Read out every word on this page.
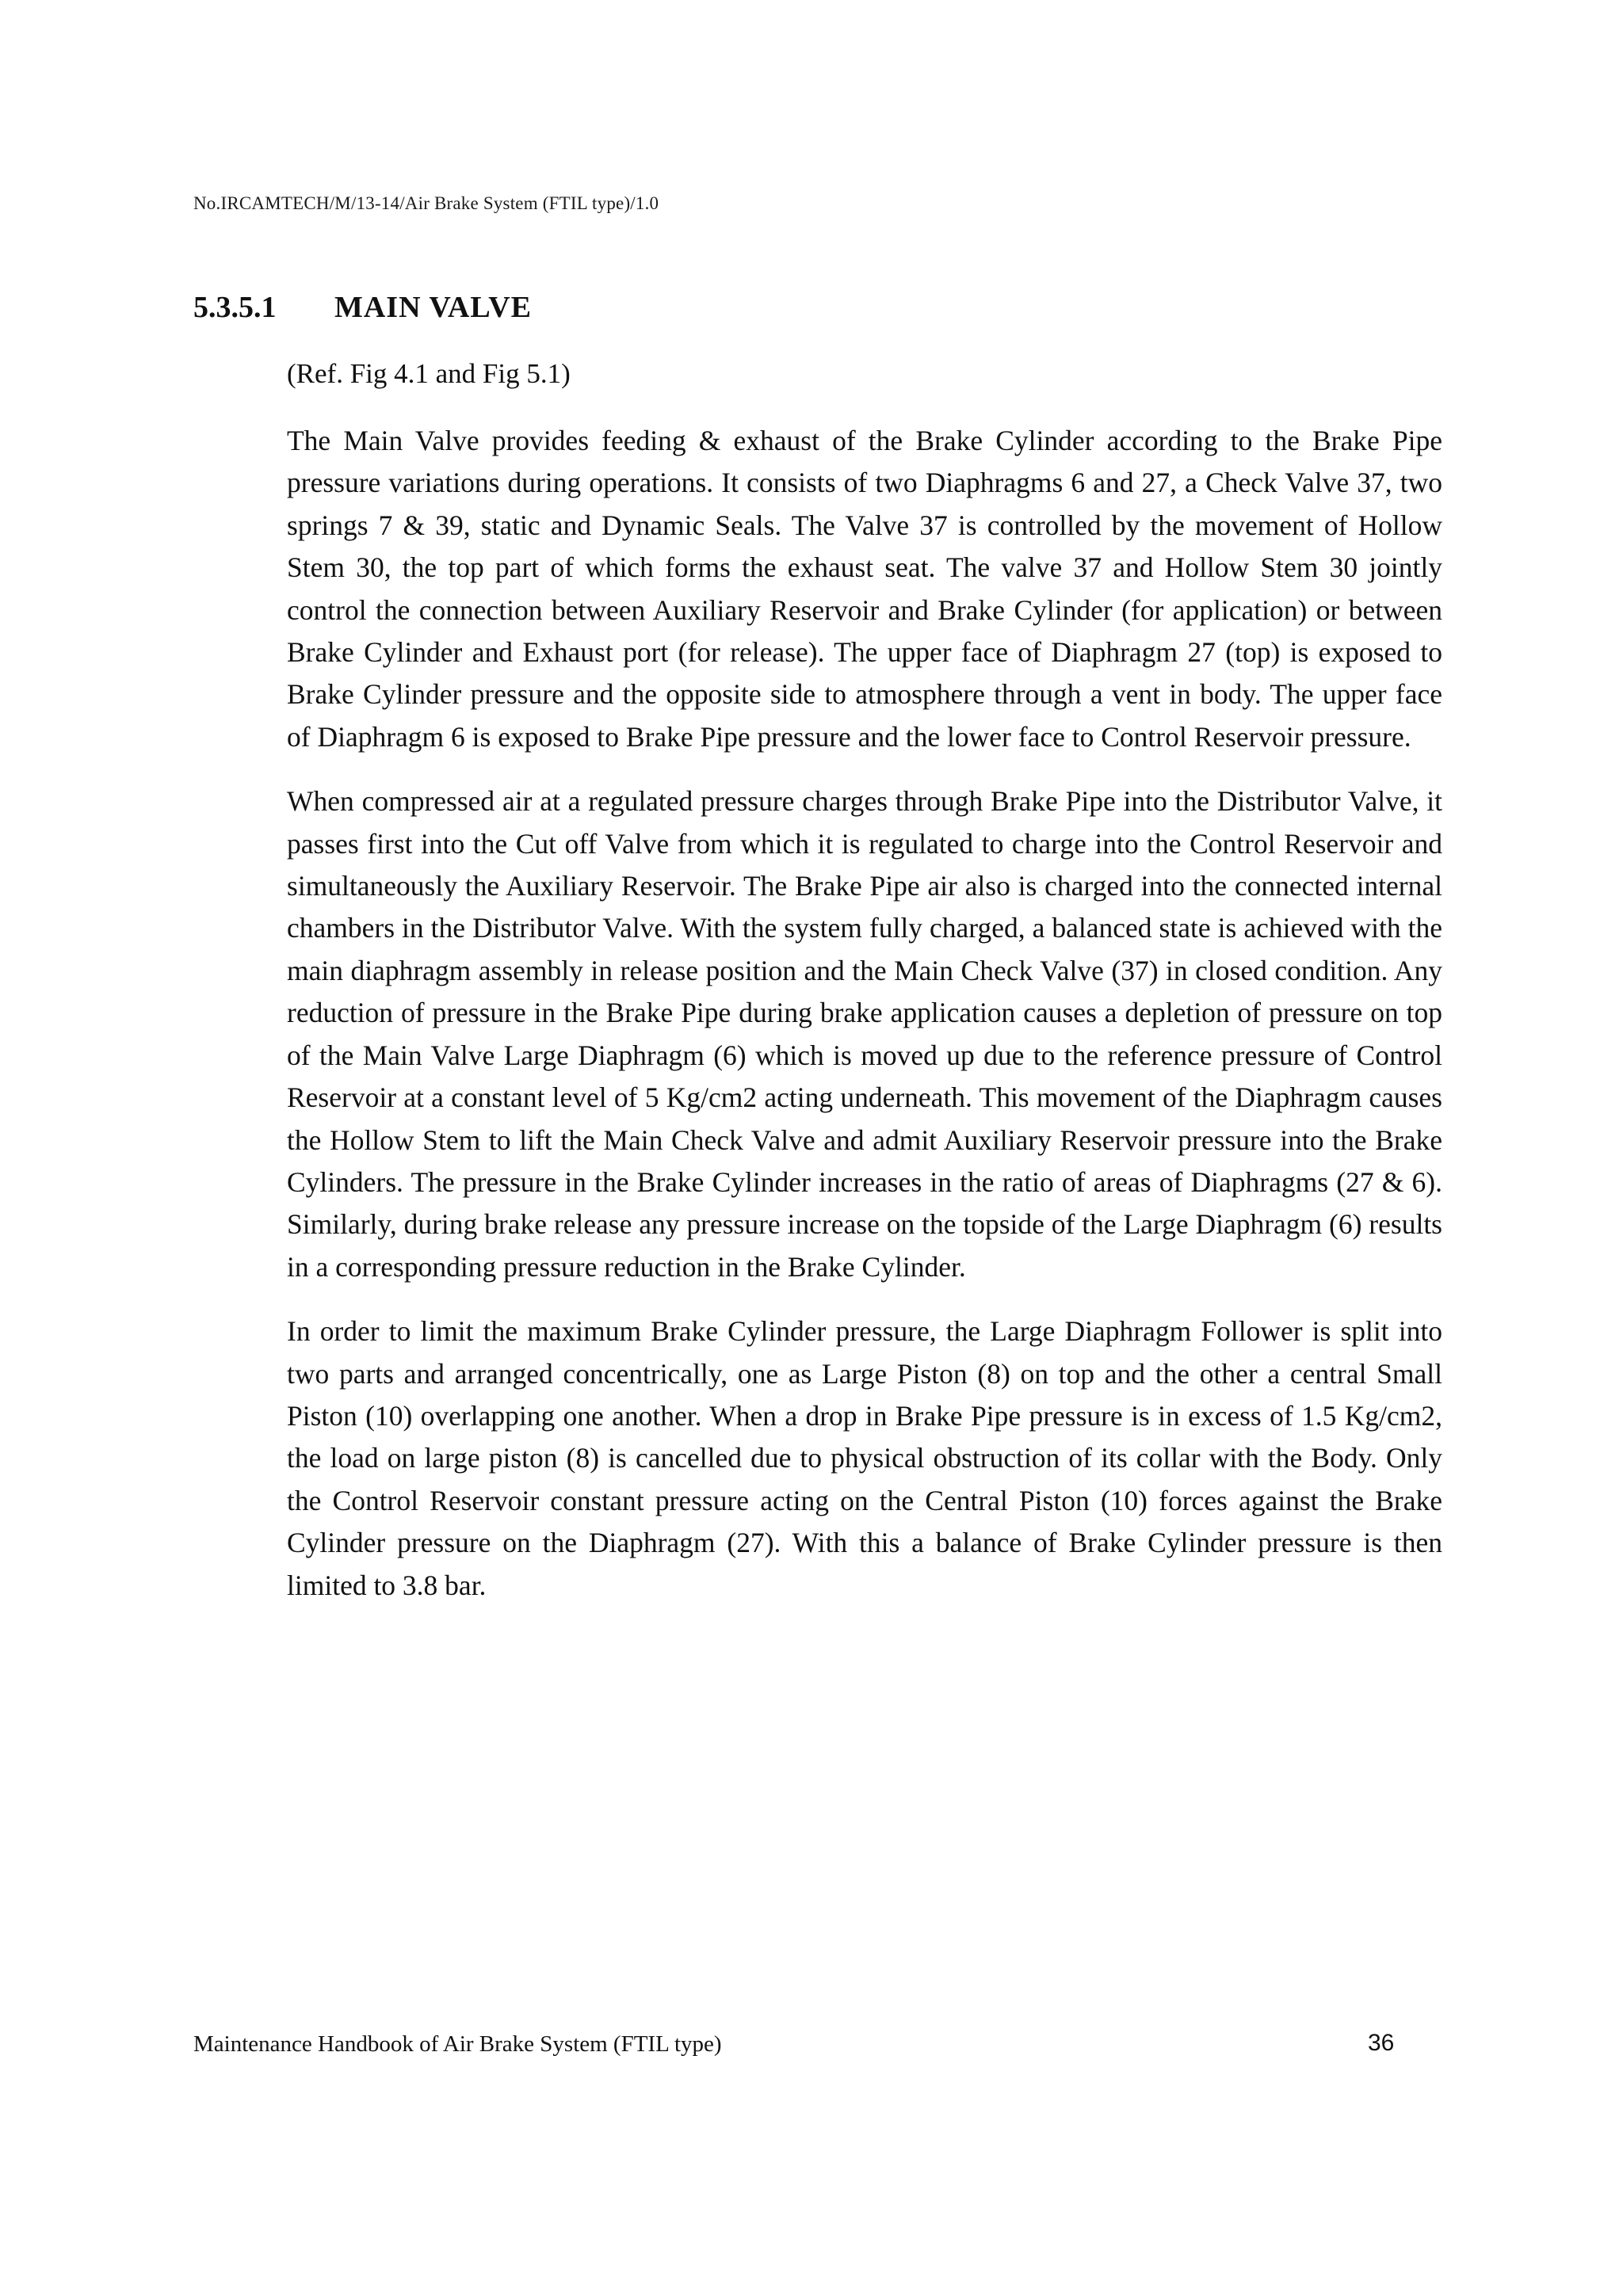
No.IRCAMTECH/M/13-14/Air Brake System (FTIL type)/1.0
5.3.5.1	MAIN VALVE
(Ref. Fig 4.1 and Fig 5.1)

The Main Valve provides feeding & exhaust of the Brake Cylinder according to the Brake Pipe pressure variations during operations. It consists of two Diaphragms 6 and 27, a Check Valve 37, two springs 7 & 39, static and Dynamic Seals. The Valve 37 is controlled by the movement of Hollow Stem 30, the top part of which forms the exhaust seat. The valve 37 and Hollow Stem 30 jointly control the connection between Auxiliary Reservoir and Brake Cylinder (for application) or between Brake Cylinder and Exhaust port (for release). The upper face of Diaphragm 27 (top) is exposed to Brake Cylinder pressure and the opposite side to atmosphere through a vent in body. The upper face of Diaphragm 6 is exposed to Brake Pipe pressure and the lower face to Control Reservoir pressure.

When compressed air at a regulated pressure charges through Brake Pipe into the Distributor Valve, it passes first into the Cut off Valve from which it is regulated to charge into the Control Reservoir and simultaneously the Auxiliary Reservoir. The Brake Pipe air also is charged into the connected internal chambers in the Distributor Valve. With the system fully charged, a balanced state is achieved with the main diaphragm assembly in release position and the Main Check Valve (37) in closed condition. Any reduction of pressure in the Brake Pipe during brake application causes a depletion of pressure on top of the Main Valve Large Diaphragm (6) which is moved up due to the reference pressure of Control Reservoir at a constant level of 5 Kg/cm2 acting underneath. This movement of the Diaphragm causes the Hollow Stem to lift the Main Check Valve and admit Auxiliary Reservoir pressure into the Brake Cylinders. The pressure in the Brake Cylinder increases in the ratio of areas of Diaphragms (27 & 6). Similarly, during brake release any pressure increase on the topside of the Large Diaphragm (6) results in a corresponding pressure reduction in the Brake Cylinder.

In order to limit the maximum Brake Cylinder pressure, the Large Diaphragm Follower is split into two parts and arranged concentrically, one as Large Piston (8) on top and the other a central Small Piston (10) overlapping one another. When a drop in Brake Pipe pressure is in excess of 1.5 Kg/cm2, the load on large piston (8) is cancelled due to physical obstruction of its collar with the Body. Only the Control Reservoir constant pressure acting on the Central Piston (10) forces against the Brake Cylinder pressure on the Diaphragm (27). With this a balance of Brake Cylinder pressure is then limited to 3.8 bar.

Maintenance Handbook of Air Brake System (FTIL type)	36
